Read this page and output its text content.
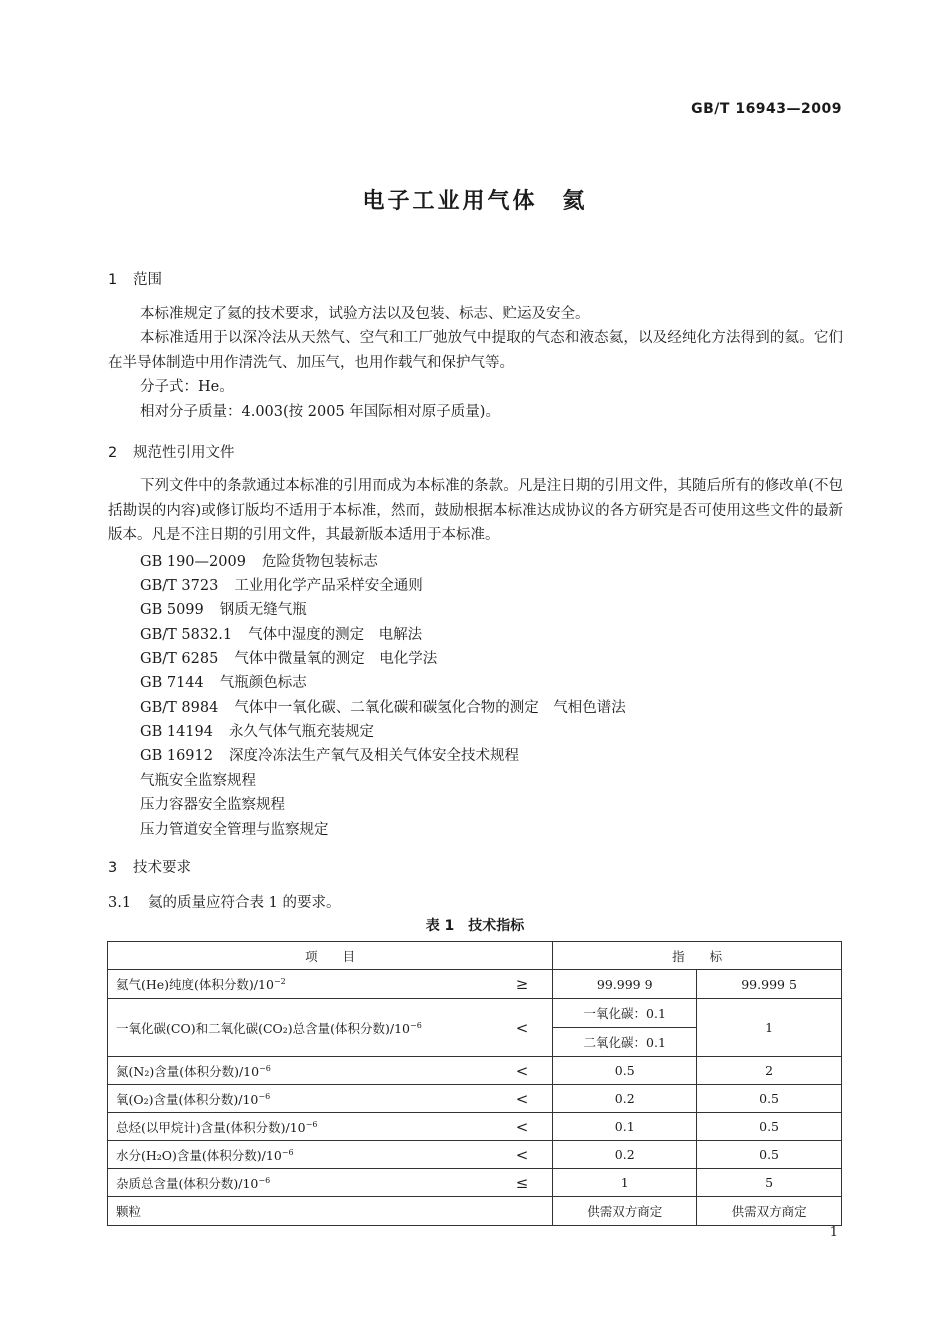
GB/T 16943—2009
电子工业用气体　氦
1 范围
本标准规定了氦的技术要求，试验方法以及包装、标志、贮运及安全。
本标准适用于以深冷法从天然气、空气和工厂弛放气中提取的气态和液态氦，以及经纯化方法得到的氦。它们在半导体制造中用作清洗气、加压气，也用作载气和保护气等。
分子式：He。
相对分子质量：4.003(按 2005 年国际相对原子质量)。
2 规范性引用文件
下列文件中的条款通过本标准的引用而成为本标准的条款。凡是注日期的引用文件，其随后所有的修改单(不包括勘误的内容)或修订版均不适用于本标准，然而，鼓励根据本标准达成协议的各方研究是否可使用这些文件的最新版本。凡是不注日期的引用文件，其最新版本适用于本标准。
GB 190—2009 危险货物包装标志
GB/T 3723 工业用化学产品采样安全通则
GB 5099 钢质无缝气瓶
GB/T 5832.1 气体中湿度的测定　电解法
GB/T 6285 气体中微量氧的测定　电化学法
GB 7144 气瓶颜色标志
GB/T 8984 气体中一氧化碳、二氧化碳和碳氢化合物的测定　气相色谱法
GB 14194 永久气体气瓶充装规定
GB 16912 深度冷冻法生产氧气及相关气体安全技术规程
气瓶安全监察规程
压力容器安全监察规程
压力管道安全管理与监察规定
3 技术要求
3.1 氦的质量应符合表 1 的要求。
表 1　技术指标
项　　目	指　　标	
氦气(He)纯度(体积分数)$/10^{-2}$ ≥	99.999 9	99.999 5
一氧化碳(CO)和二氧化碳(CO₂)总含量(体积分数)$/10^{-6}$ <	一氧化碳：0.1	1
	二氧化碳：0.1	
氮(N₂)含量(体积分数)$/10^{-6}$ <	0.5	2
氧(O₂)含量(体积分数)$/10^{-6}$ <	0.2	0.5
总烃(以甲烷计)含量(体积分数)$/10^{-6}$ <	0.1	0.5
水分(H₂O)含量(体积分数)$/10^{-6}$ <	0.2	0.5
杂质总含量(体积分数)$/10^{-6}$ ≤	1	5
颗粒	供需双方商定	供需双方商定
1
